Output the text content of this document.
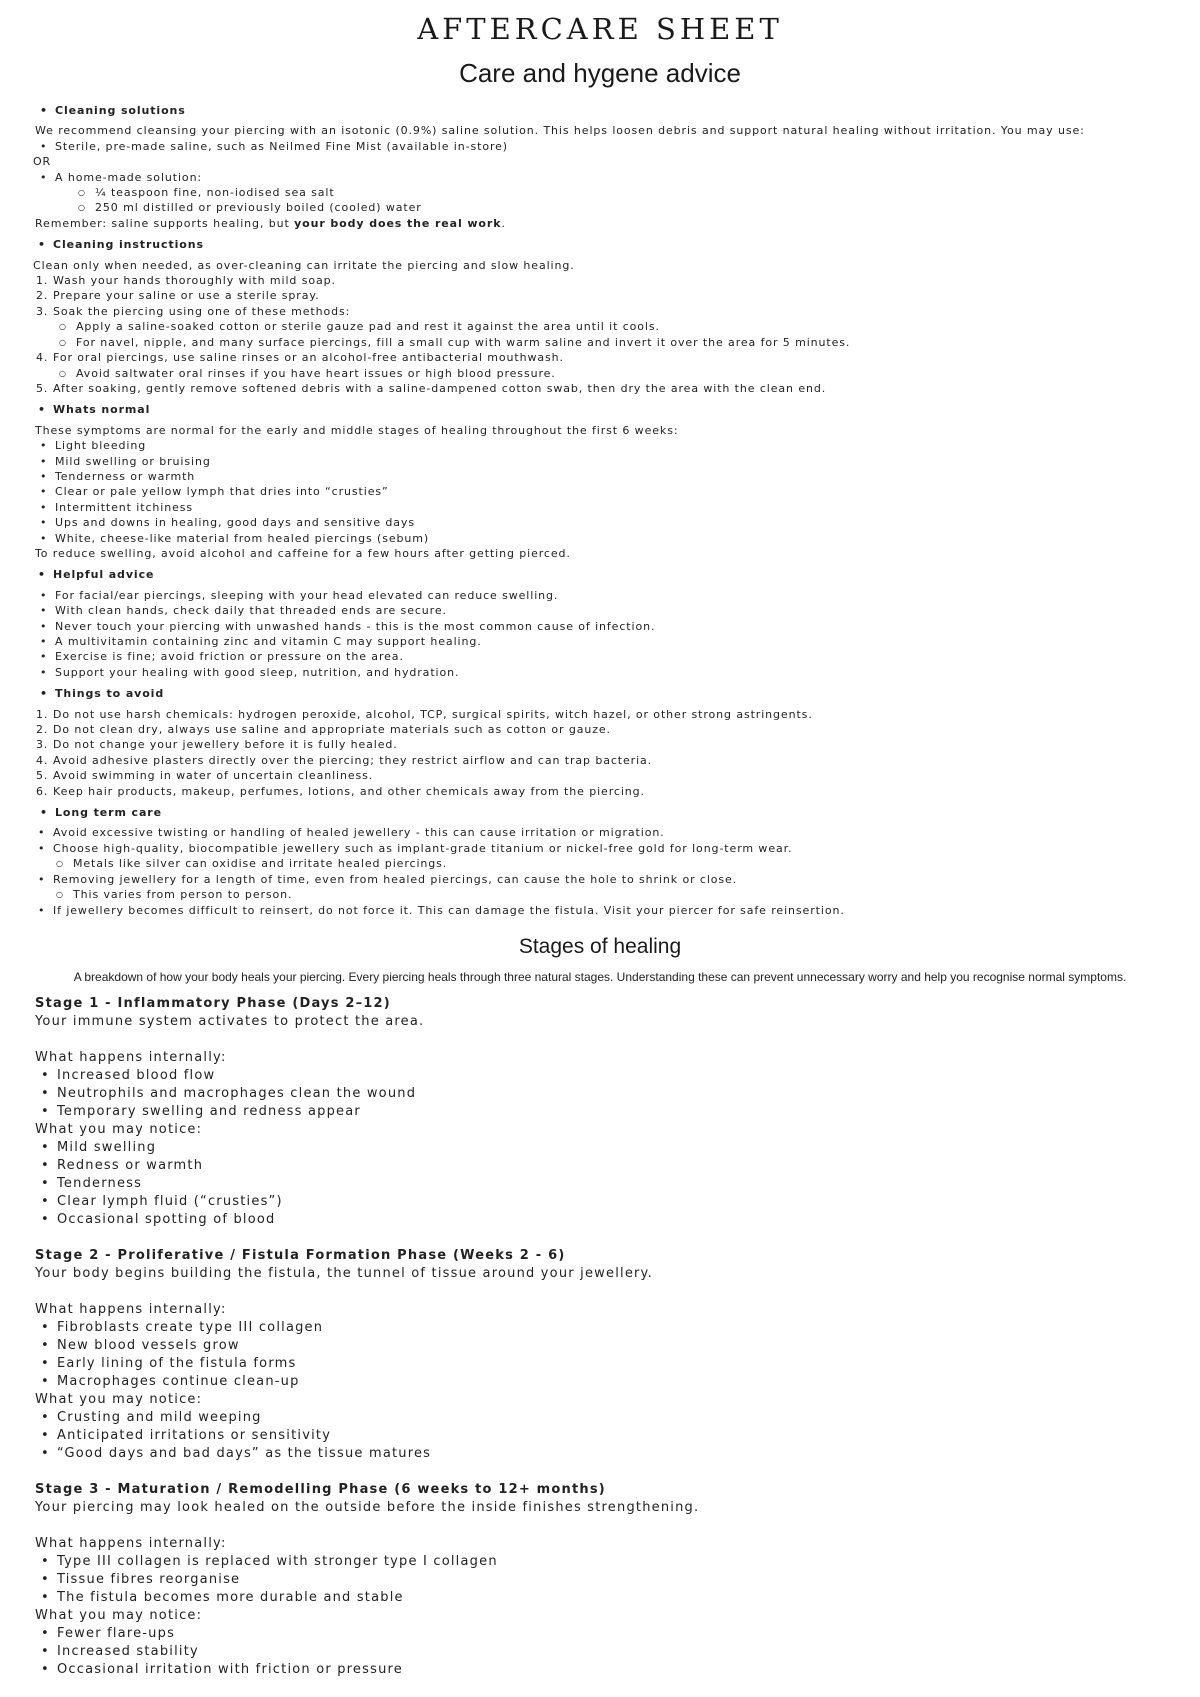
AFTERCARE SHEET
Care and hygene advice
• Cleaning solutions

We recommend cleansing your piercing with an isotonic (0.9%) saline solution. This helps loosen debris and support natural healing without irritation. You may use:

• Sterile, pre-made saline, such as Neilmed Fine Mist (available in-store)

OR

• A home-made solution:
○ ¼ teaspoon fine, non-iodised sea salt
○ 250 ml distilled or previously boiled (cooled) water

Remember: saline supports healing, but your body does the real work.

• Cleaning instructions

Clean only when needed, as over-cleaning can irritate the piercing and slow healing.

Wash your hands thoroughly with mild soap.
Prepare your saline or use a sterile spray.
Soak the piercing using one of these methods:
○ Apply a saline-soaked cotton or sterile gauze pad and rest it against the area until it cools.
○ For navel, nipple, and many surface piercings, fill a small cup with warm saline and invert it over the area for 5 minutes.
For oral piercings, use saline rinses or an alcohol-free antibacterial mouthwash.
○ Avoid saltwater oral rinses if you have heart issues or high blood pressure.
After soaking, gently remove softened debris with a saline-dampened cotton swab, then dry the area with the clean end.
• Whats normal

These symptoms are normal for the early and middle stages of healing throughout the first 6 weeks:

• Light bleeding
• Mild swelling or bruising
• Tenderness or warmth
• Clear or pale yellow lymph that dries into “crusties”
• Intermittent itchiness
• Ups and downs in healing, good days and sensitive days
• White, cheese-like material from healed piercings (sebum)

To reduce swelling, avoid alcohol and caffeine for a few hours after getting pierced.

• Helpful advice
• For facial/ear piercings, sleeping with your head elevated can reduce swelling.
• With clean hands, check daily that threaded ends are secure.
• Never touch your piercing with unwashed hands - this is the most common cause of infection.
• A multivitamin containing zinc and vitamin C may support healing.
• Exercise is fine; avoid friction or pressure on the area.
• Support your healing with good sleep, nutrition, and hydration.
• Things to avoid
Do not use harsh chemicals: hydrogen peroxide, alcohol, TCP, surgical spirits, witch hazel, or other strong astringents.
Do not clean dry, always use saline and appropriate materials such as cotton or gauze.
Do not change your jewellery before it is fully healed.
Avoid adhesive plasters directly over the piercing; they restrict airflow and can trap bacteria.
Avoid swimming in water of uncertain cleanliness.
Keep hair products, makeup, perfumes, lotions, and other chemicals away from the piercing.
• Long term care
• Avoid excessive twisting or handling of healed jewellery - this can cause irritation or migration.
• Choose high-quality, biocompatible jewellery such as implant-grade titanium or nickel-free gold for long-term wear.
○ Metals like silver can oxidise and irritate healed piercings.
• Removing jewellery for a length of time, even from healed piercings, can cause the hole to shrink or close.
○ This varies from person to person.
• If jewellery becomes difficult to reinsert, do not force it. This can damage the fistula. Visit your piercer for safe reinsertion.
Stages of healing

A breakdown of how your body heals your piercing. Every piercing heals through three natural stages. Understanding these can prevent unnecessary worry and help you recognise normal symptoms.

Stage 1 - Inflammatory Phase (Days 2–12)

Your immune system activates to protect the area.

What happens internally:

• Increased blood flow
• Neutrophils and macrophages clean the wound
• Temporary swelling and redness appear

What you may notice:

• Mild swelling
• Redness or warmth
• Tenderness
• Clear lymph fluid (“crusties”)
• Occasional spotting of blood

Stage 2 - Proliferative / Fistula Formation Phase (Weeks 2 - 6)

Your body begins building the fistula, the tunnel of tissue around your jewellery.

What happens internally:

• Fibroblasts create type III collagen
• New blood vessels grow
• Early lining of the fistula forms
• Macrophages continue clean-up

What you may notice:

• Crusting and mild weeping
• Anticipated irritations or sensitivity
• “Good days and bad days” as the tissue matures

Stage 3 - Maturation / Remodelling Phase (6 weeks to 12+ months)

Your piercing may look healed on the outside before the inside finishes strengthening.

What happens internally:

• Type III collagen is replaced with stronger type I collagen
• Tissue fibres reorganise
• The fistula becomes more durable and stable

What you may notice:

• Fewer flare-ups
• Increased stability
• Occasional irritation with friction or pressure
